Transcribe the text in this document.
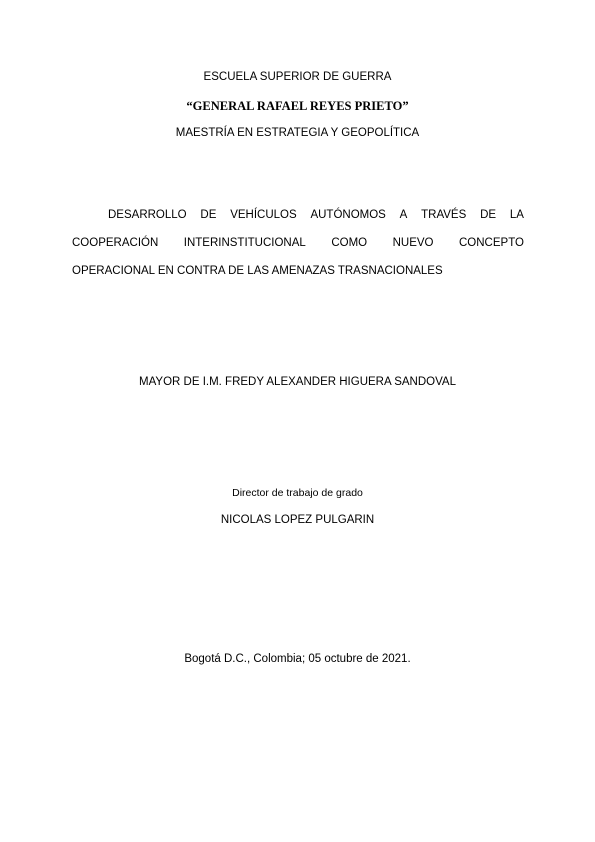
ESCUELA SUPERIOR DE GUERRA
“GENERAL RAFAEL REYES PRIETO”
MAESTRÍA EN ESTRATEGIA Y GEOPOLÍTICA
DESARROLLO DE VEHÍCULOS AUTÓNOMOS A TRAVÉS DE LA
COOPERACIÓN INTERINSTITUCIONAL COMO NUEVO CONCEPTO
OPERACIONAL EN CONTRA DE LAS AMENAZAS TRASNACIONALES
MAYOR DE I.M. FREDY ALEXANDER HIGUERA SANDOVAL
Director de trabajo de grado
NICOLAS LOPEZ PULGARIN
Bogotá D.C., Colombia; 05 octubre de 2021.
